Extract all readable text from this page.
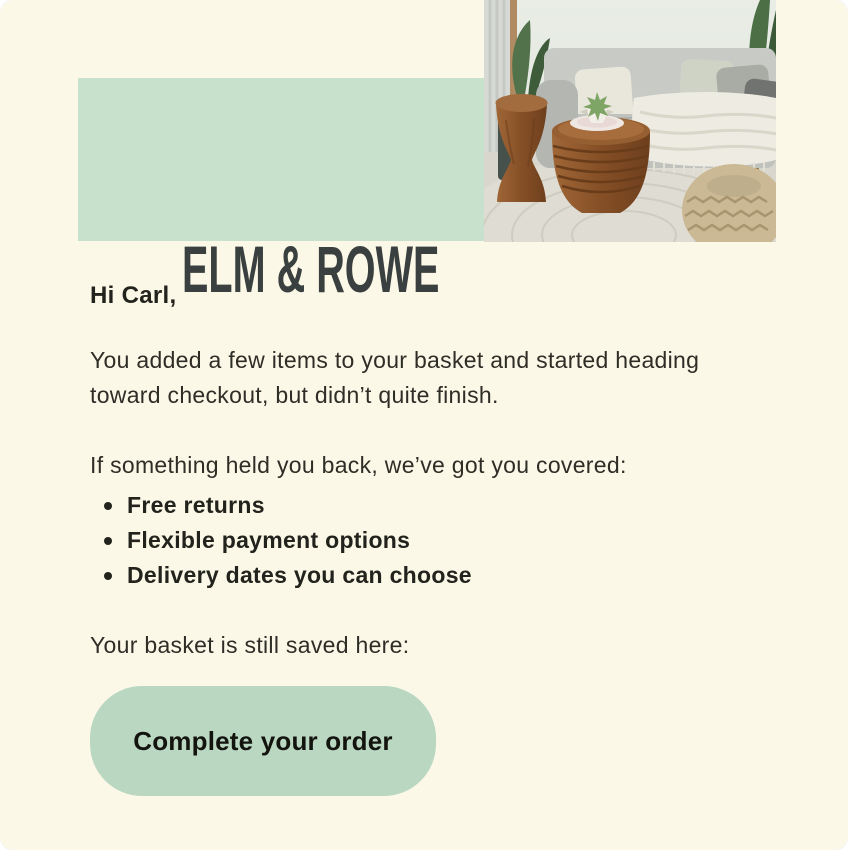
ELM & ROWE

Hi Carl,

You added a few items to your basket and started heading toward checkout, but didn’t quite finish.

If something held you back, we’ve got you covered:

Free returns
Flexible payment options
Delivery dates you can choose

Your basket is still saved here:

Complete your order
